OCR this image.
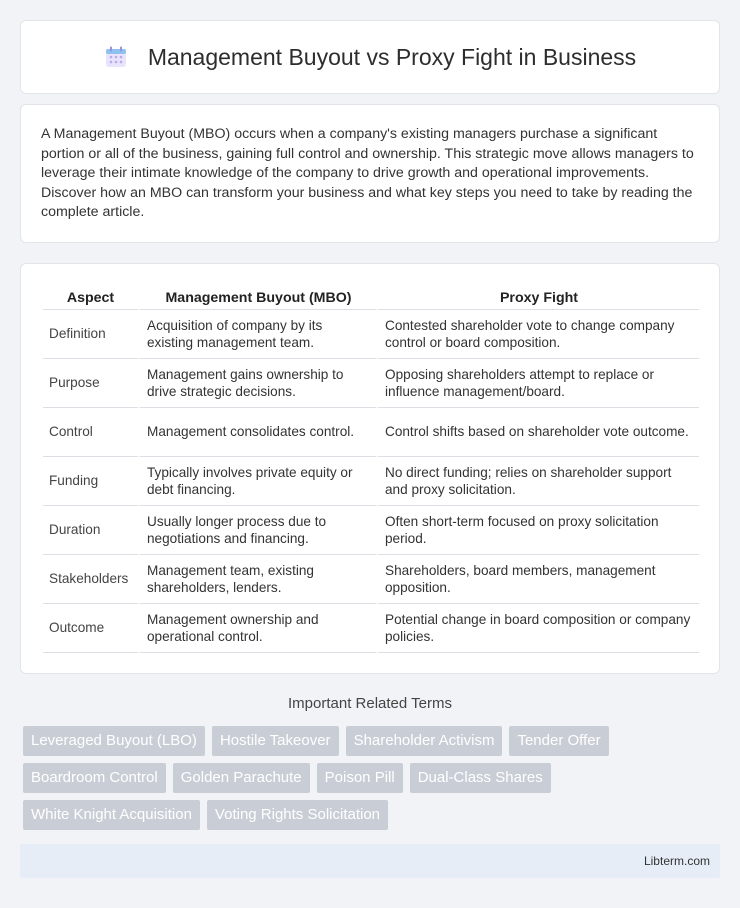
Management Buyout vs Proxy Fight in Business

A Management Buyout (MBO) occurs when a company's existing managers purchase a significant portion or all of the business, gaining full control and ownership. This strategic move allows managers to leverage their intimate knowledge of the company to drive growth and operational improvements. Discover how an MBO can transform your business and what key steps you need to take by reading the complete article.

Aspect	Management Buyout (MBO)	Proxy Fight
Definition	Acquisition of company by its existing management team.	Contested shareholder vote to change company control or board composition.
Purpose	Management gains ownership to drive strategic decisions.	Opposing shareholders attempt to replace or influence management/board.
Control	Management consolidates control.	Control shifts based on shareholder vote outcome.
Funding	Typically involves private equity or debt financing.	No direct funding; relies on shareholder support and proxy solicitation.
Duration	Usually longer process due to negotiations and financing.	Often short-term focused on proxy solicitation period.
Stakeholders	Management team, existing shareholders, lenders.	Shareholders, board members, management opposition.
Outcome	Management ownership and operational control.	Potential change in board composition or company policies.
Important Related Terms
Leveraged Buyout (LBO)	Hostile Takeover	Shareholder Activism	Tender Offer
Boardroom Control	Golden Parachute	Poison Pill	Dual-Class Shares
White Knight Acquisition	Voting Rights Solicitation
Libterm.com
